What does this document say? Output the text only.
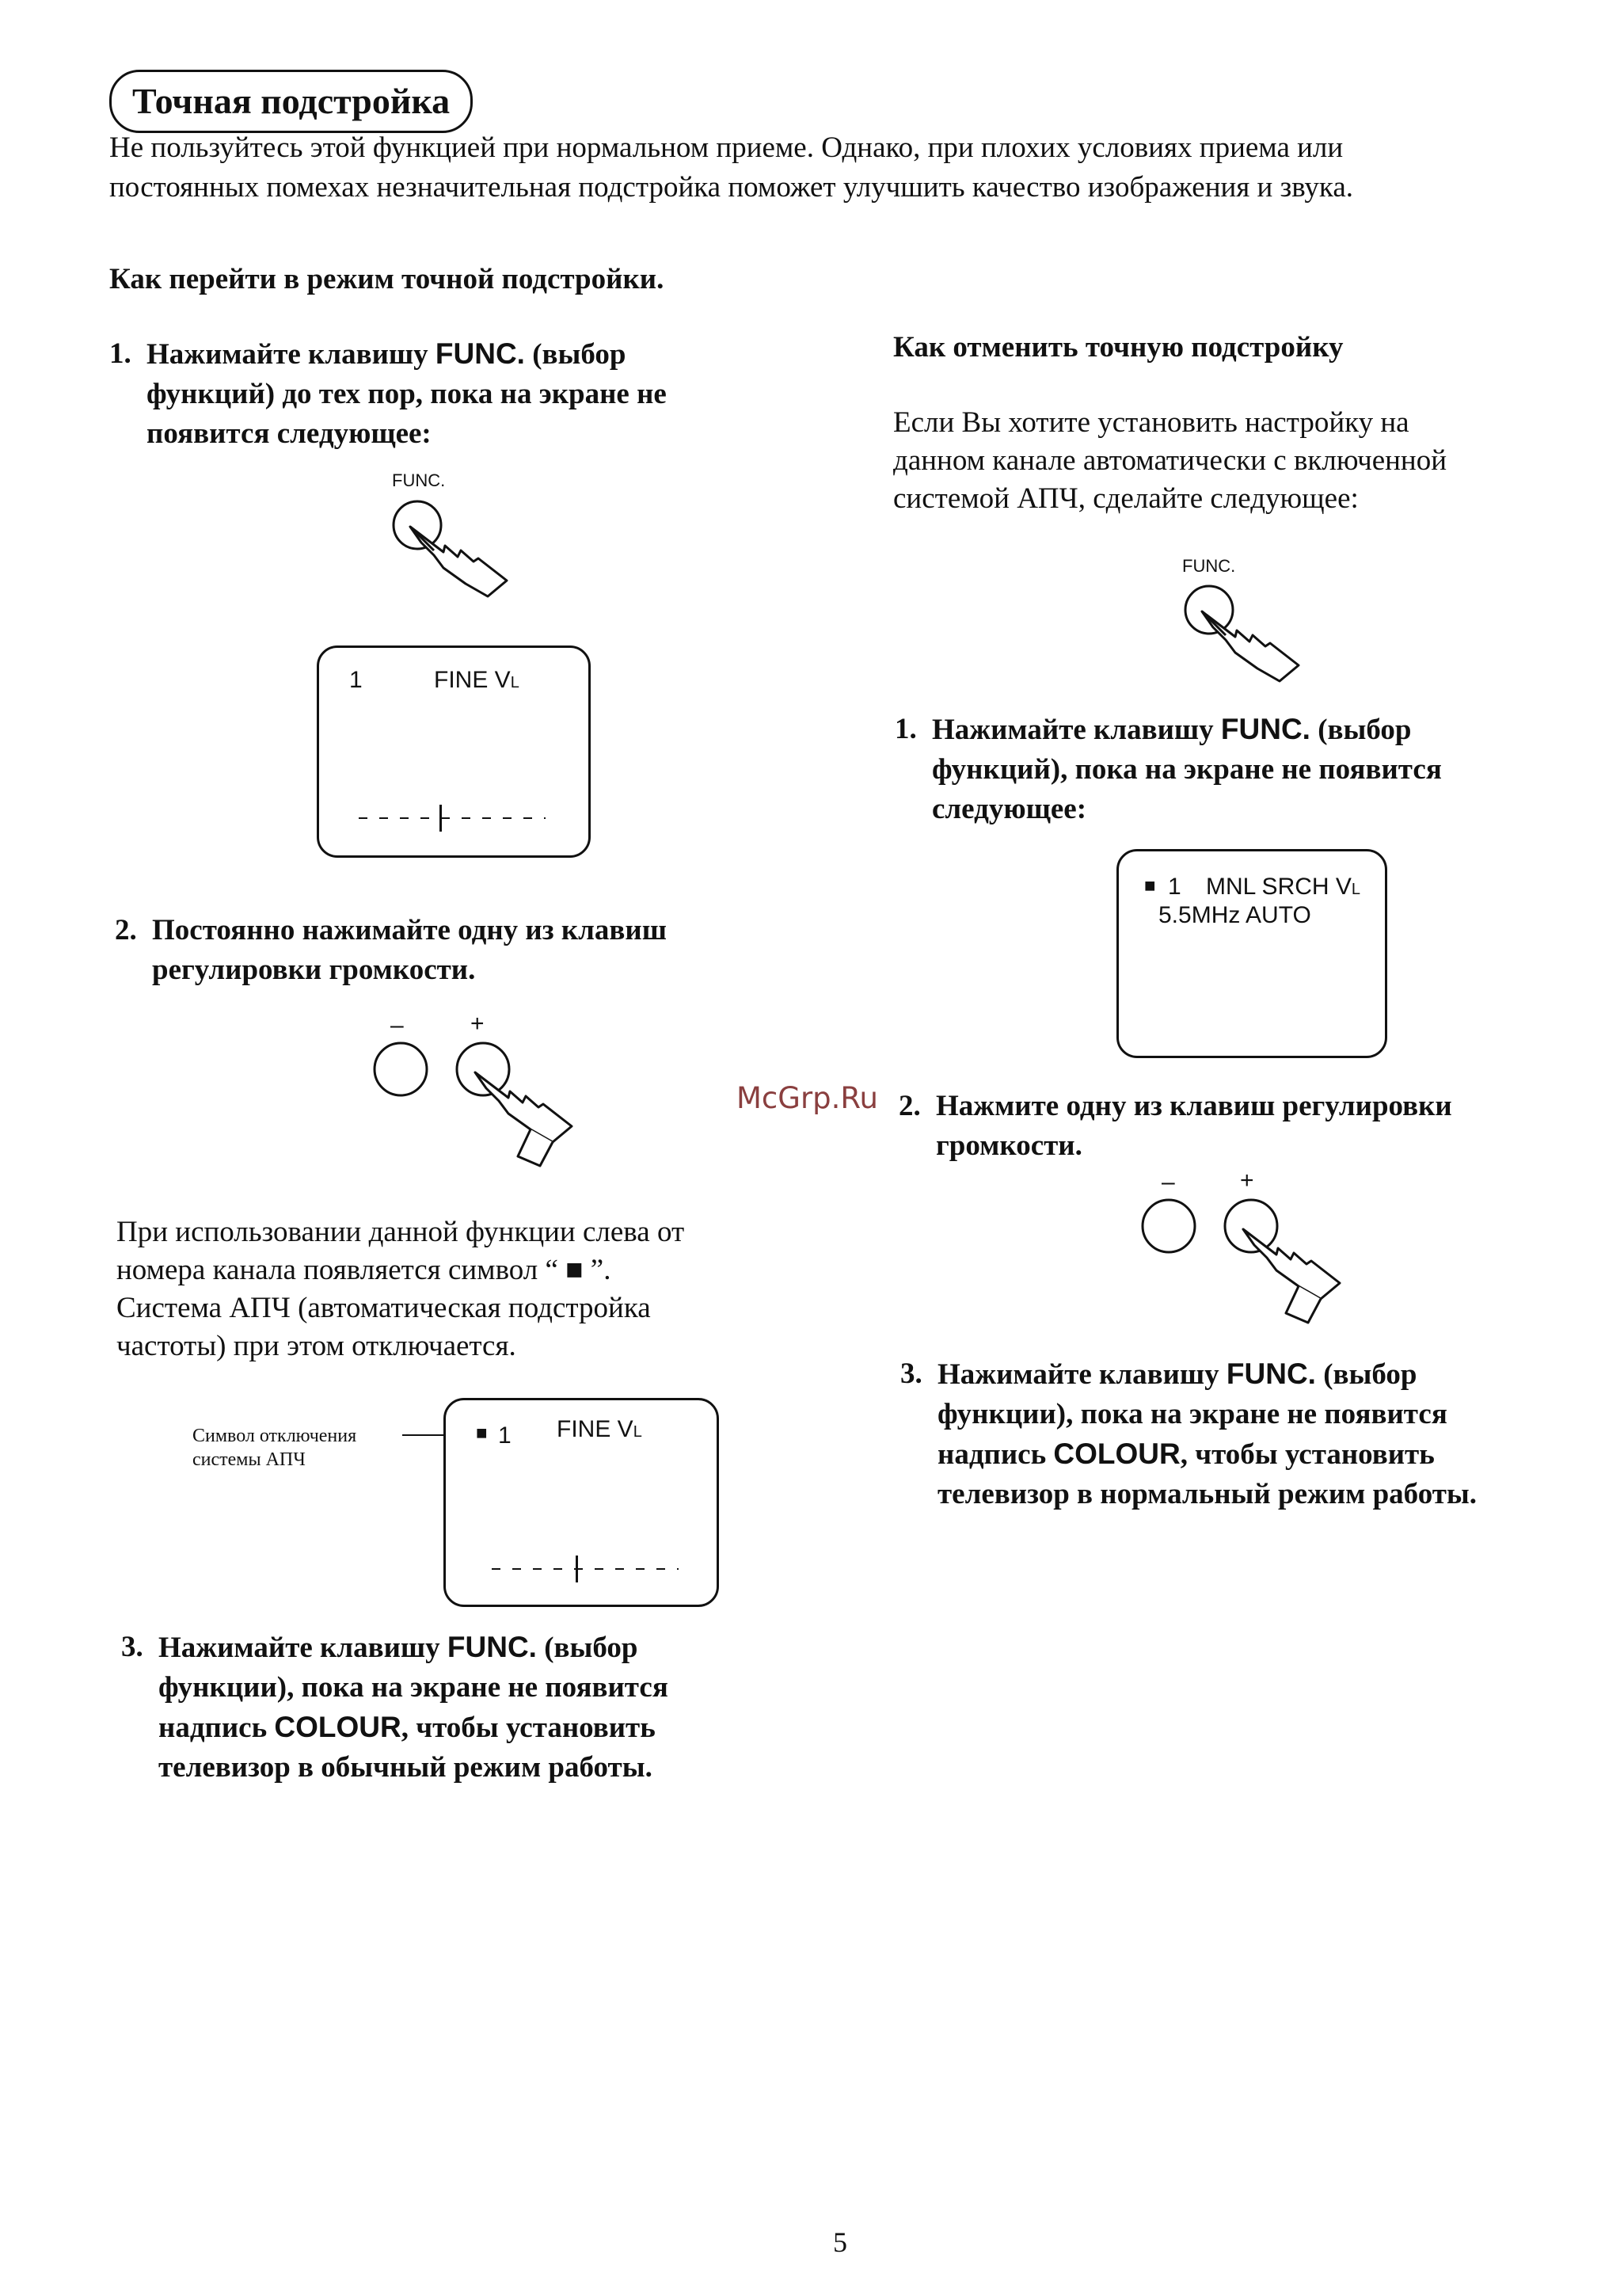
Точная подстройка

Не пользуйтесь этой функцией при нормальном приеме. Однако, при плохих условиях приема или

постоянных помехах незначительная подстройка поможет улучшить качество изображения и звука.

Как перейти в режим точной подстройки.
1. Нажимайте клавишу FUNC. (выбор
функций) до тех пор, пока на экране не
появится следующее:
FUNC.
1	FINE VL
2. Постоянно нажимайте одну из клавиш
регулировки громкости.
–	+
При использовании данной функции слева от
номера канала появляется символ “ ■ ”.
Система АПЧ (автоматическая подстройка
частоты) при этом отключается.
Символ отключения
системы АПЧ
■ 1 FINE VL
3. Нажимайте клавишу FUNC. (выбор
функции), пока на экране не появится
надпись COLOUR, чтобы установить
телевизор в обычный режим работы.
Как отменить точную подстройку
Если Вы хотите установить настройку на
данном канале автоматически с включенной
системой АПЧ, сделайте следующее:
FUNC.
1. Нажимайте клавишу FUNC. (выбор
функций), пока на экране не появится
следующее:
■ 1 MNL SRCH VL
5.5MHz AUTO
2. Нажмите одну из клавиш регулировки
громкости.
–	+
3. Нажимайте клавишу FUNC. (выбор
функции), пока на экране не появится
надпись COLOUR, чтобы установить
телевизор в нормальный режим работы.
McGrp.Ru
5
